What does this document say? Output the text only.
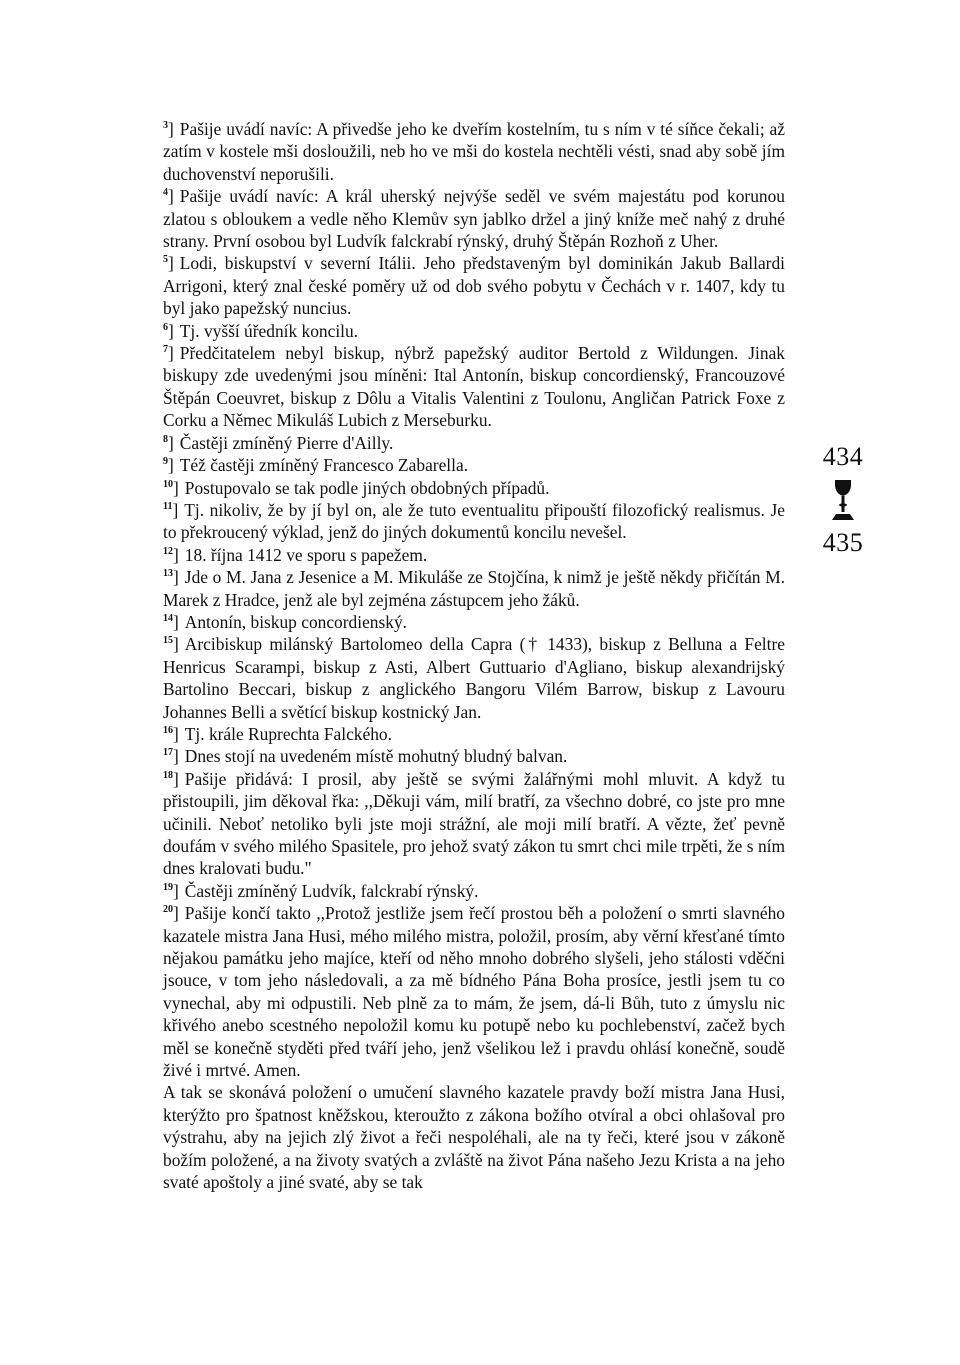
$^3$] Pašije uvádí navíc: A přivedše jeho ke dveřím kostelním, tu s ním v té síňce čekali; až zatím v kostele mši dosloužili, neb ho ve mši do kostela nechtěli vésti, snad aby sobě jím duchovenství neporušili.

$^4$] Pašije uvádí navíc: A král uherský nejvýše seděl ve svém majestátu pod korunou zlatou s obloukem a vedle něho Klemův syn jablko držel a jiný kníže meč nahý z druhé strany. První osobou byl Ludvík falckrabí rýnský, druhý Štěpán Rozhoň z Uher.

$^5$] Lodi, biskupství v severní Itálii. Jeho představeným byl dominikán Jakub Ballardi Arrigoni, který znal české poměry už od dob svého pobytu v Čechách v r. 1407, kdy tu byl jako papežský nuncius.

$^6$] Tj. vyšší úředník koncilu.

$^7$] Předčitatelem nebyl biskup, nýbrž papežský auditor Bertold z Wildungen. Jinak biskupy zde uvedenými jsou míněni: Ital Antonín, biskup concordienský, Francouzové Štěpán Coeuvret, biskup z Dôlu a Vitalis Valentini z Toulonu, Angličan Patrick Foxe z Corku a Němec Mikuláš Lubich z Merseburku.

$^8$] Častěji zmíněný Pierre d'Ailly.

$^9$] Též častěji zmíněný Francesco Zabarella.

$^{10}$] Postupovalo se tak podle jiných obdobných případů.

$^{11}$] Tj. nikoliv, že by jí byl on, ale že tuto eventualitu připouští filozofický realismus. Je to překroucený výklad, jenž do jiných dokumentů koncilu nevešel.

$^{12}$] 18. října 1412 ve sporu s papežem.

$^{13}$] Jde o M. Jana z Jesenice a M. Mikuláše ze Stojčína, k nimž je ještě někdy přičítán M. Marek z Hradce, jenž ale byl zejména zástupcem jeho žáků.

$^{14}$] Antonín, biskup concordienský.

$^{15}$] Arcibiskup milánský Bartolomeo della Capra († 1433), biskup z Belluna a Feltre Henricus Scarampi, biskup z Asti, Albert Guttuario d'Agliano, biskup alexandrijský Bartolino Beccari, biskup z anglického Bangoru Vilém Barrow, biskup z Lavouru Johannes Belli a světící biskup kostnický Jan.

$^{16}$] Tj. krále Ruprechta Falckého.

$^{17}$] Dnes stojí na uvedeném místě mohutný bludný balvan.

$^{18}$] Pašije přidává: I prosil, aby ještě se svými žalářnými mohl mluvit. A když tu přistoupili, jim děkoval řka: ,,Děkuji vám, milí bratří, za všechno dobré, co jste pro mne učinili. Neboť netoliko byli jste moji strážní, ale moji milí bratří. A vězte, žeť pevně doufám v svého milého Spasitele, pro jehož svatý zákon tu smrt chci mile trpěti, že s ním dnes kralovati budu."

$^{19}$] Častěji zmíněný Ludvík, falckrabí rýnský.

$^{20}$] Pašije končí takto ,,Protož jestliže jsem řečí prostou běh a položení o smrti slavného kazatele mistra Jana Husi, mého milého mistra, položil, prosím, aby věrní křesťané tímto nějakou památku jeho majíce, kteří od něho mnoho dobrého slyšeli, jeho stálosti vděčni jsouce, v tom jeho následovali, a za mě bídného Pána Boha prosíce, jestli jsem tu co vynechal, aby mi odpustili. Neb plně za to mám, že jsem, dá-li Bůh, tuto z úmyslu nic křivého anebo scestného nepoložil komu ku potupě nebo ku pochlebenství, začež bych měl se konečně styděti před tváří jeho, jenž všelikou lež i pravdu ohlásí konečně, soudě živé i mrtvé. Amen.

A tak se skonává položení o umučení slavného kazatele pravdy boží mistra Jana Husi, kterýžto pro špatnost kněžskou, kteroužto z zákona božího otvíral a obci ohlašoval pro výstrahu, aby na jejich zlý život a řeči nespoléhali, ale na ty řeči, které jsou v zákoně božím položené, a na životy svatých a zvláště na život Pána našeho Jezu Krista a na jeho svaté apoštoly a jiné svaté, aby se tak

434
435
